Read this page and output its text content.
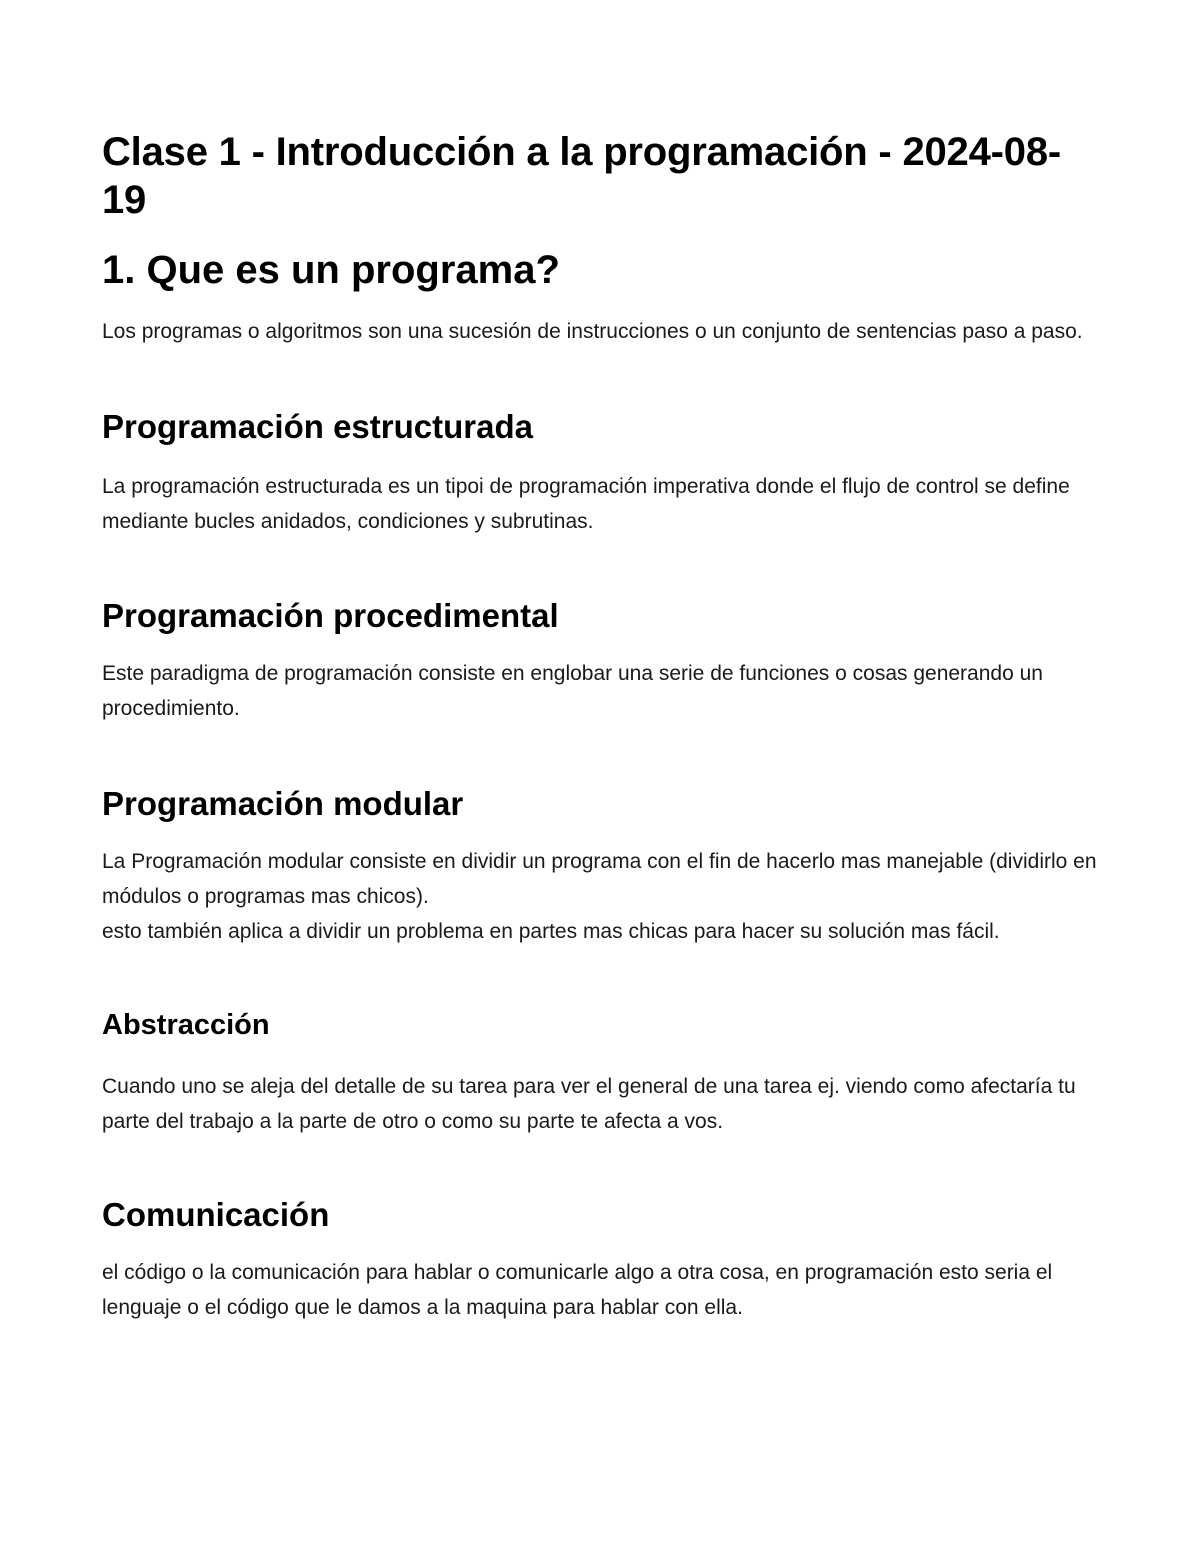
Clase 1 - Introducción a la programación - 2024-08-19
1. Que es un programa?

Los programas o algoritmos son una sucesión de instrucciones o un conjunto de sentencias paso a paso.

Programación estructurada

La programación estructurada es un tipoi de programación imperativa donde el flujo de control se define mediante bucles anidados, condiciones y subrutinas.

Programación procedimental

Este paradigma de programación consiste en englobar una serie de funciones o cosas generando un procedimiento.

Programación modular

La Programación modular consiste en dividir un programa con el fin de hacerlo mas manejable (dividirlo en módulos o programas mas chicos).

esto también aplica a dividir un problema en partes mas chicas para hacer su solución mas fácil.

Abstracción

Cuando uno se aleja del detalle de su tarea para ver el general de una tarea ej. viendo como afectaría tu parte del trabajo a la parte de otro o como su parte te afecta a vos.

Comunicación

el código o la comunicación para hablar o comunicarle algo a otra cosa, en programación esto seria el lenguaje o el código que le damos a la maquina para hablar con ella.
